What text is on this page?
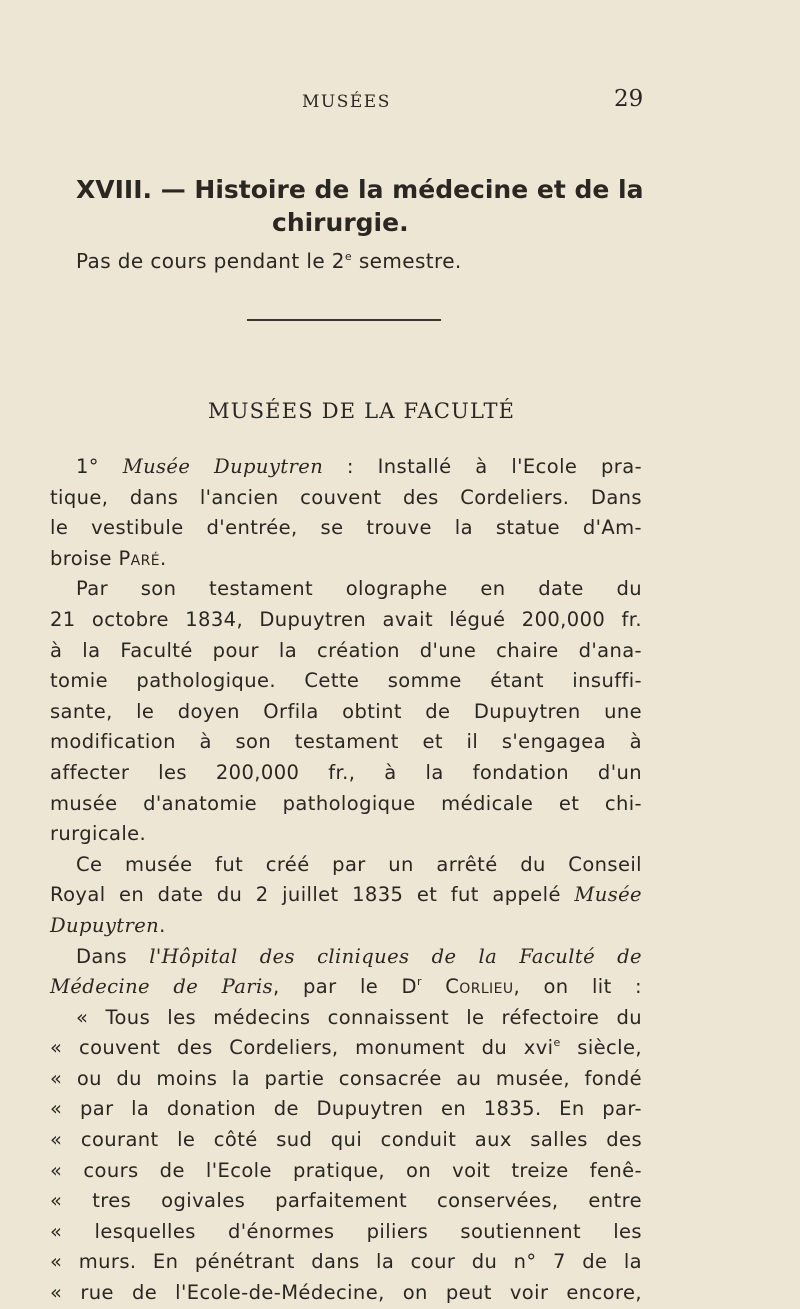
MUSÉES	29
XVIII. — Histoire de la médecine et de la
chirurgie.
Pas de cours pendant le 2e semestre.
MUSÉES DE LA FACULTÉ
1° Musée Dupuytren : Installé à l'Ecole pra-
tique, dans l'ancien couvent des Cordeliers. Dans
le vestibule d'entrée, se trouve la statue d'Am-
broise Paré.
Par son testament olographe en date du
21 octobre 1834, Dupuytren avait légué 200,000 fr.
à la Faculté pour la création d'une chaire d'ana-
tomie pathologique. Cette somme étant insuffi-
sante, le doyen Orfila obtint de Dupuytren une
modification à son testament et il s'engagea à
affecter les 200,000 fr., à la fondation d'un
musée d'anatomie pathologique médicale et chi-
rurgicale.
Ce musée fut créé par un arrêté du Conseil
Royal en date du 2 juillet 1835 et fut appelé Musée
Dupuytren.
Dans l'Hôpital des cliniques de la Faculté de
Médecine de Paris, par le $D^r$ Corlieu, on lit :
« Tous les médecins connaissent le réfectoire du
« couvent des Cordeliers, monument du xvi$^e$ siècle,
« ou du moins la partie consacrée au musée, fondé
« par la donation de Dupuytren en 1835. En par-
« courant le côté sud qui conduit aux salles des
« cours de l'Ecole pratique, on voit treize fenê-
« tres ogivales parfaitement conservées, entre
« lesquelles d'énormes piliers soutiennent les
« murs. En pénétrant dans la cour du n° 7 de la
« rue de l'Ecole-de-Médecine, on peut voir encore,
